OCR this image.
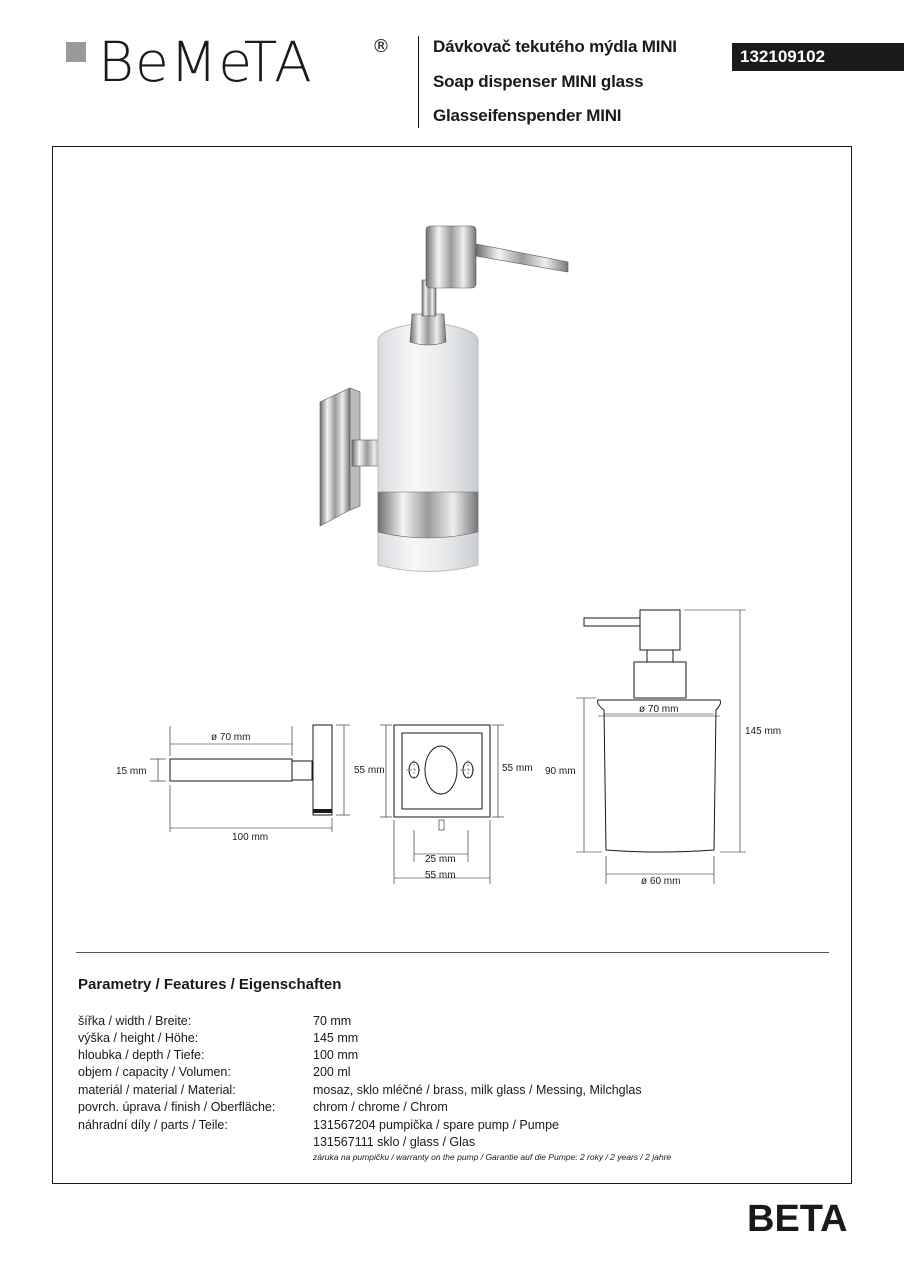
BeMeTA	®	Dávkovač tekutého mýdla MINI
Soap dispenser MINI glass
Glasseifenspender MINI
132109102
ø 70 mm
15 mm
100 mm
55 mm	55 mm
25 mm
55 mm
ø 70 mm
145 mm
90 mm
ø 60 mm
Parametry / Features / Eigenschaften
šířka / width / Breite:	70 mm
výška / height / Höhe:	145 mm
hloubka / depth / Tiefe:	100 mm
objem / capacity / Volumen:	200 ml
materiál / material / Material:	mosaz, sklo mléčné / brass, milk glass / Messing, Milchglas
povrch. úprava / finish / Oberfläche:	chrom / chrome / Chrom
náhradní díly / parts / Teile:	131567204 pumpička / spare pump / Pumpe
131567111 sklo / glass / Glas
záruka na pumpičku / warranty on the pump / Garantie auf die Pumpe: 2 roky / 2 years / 2 jahre
BETA
